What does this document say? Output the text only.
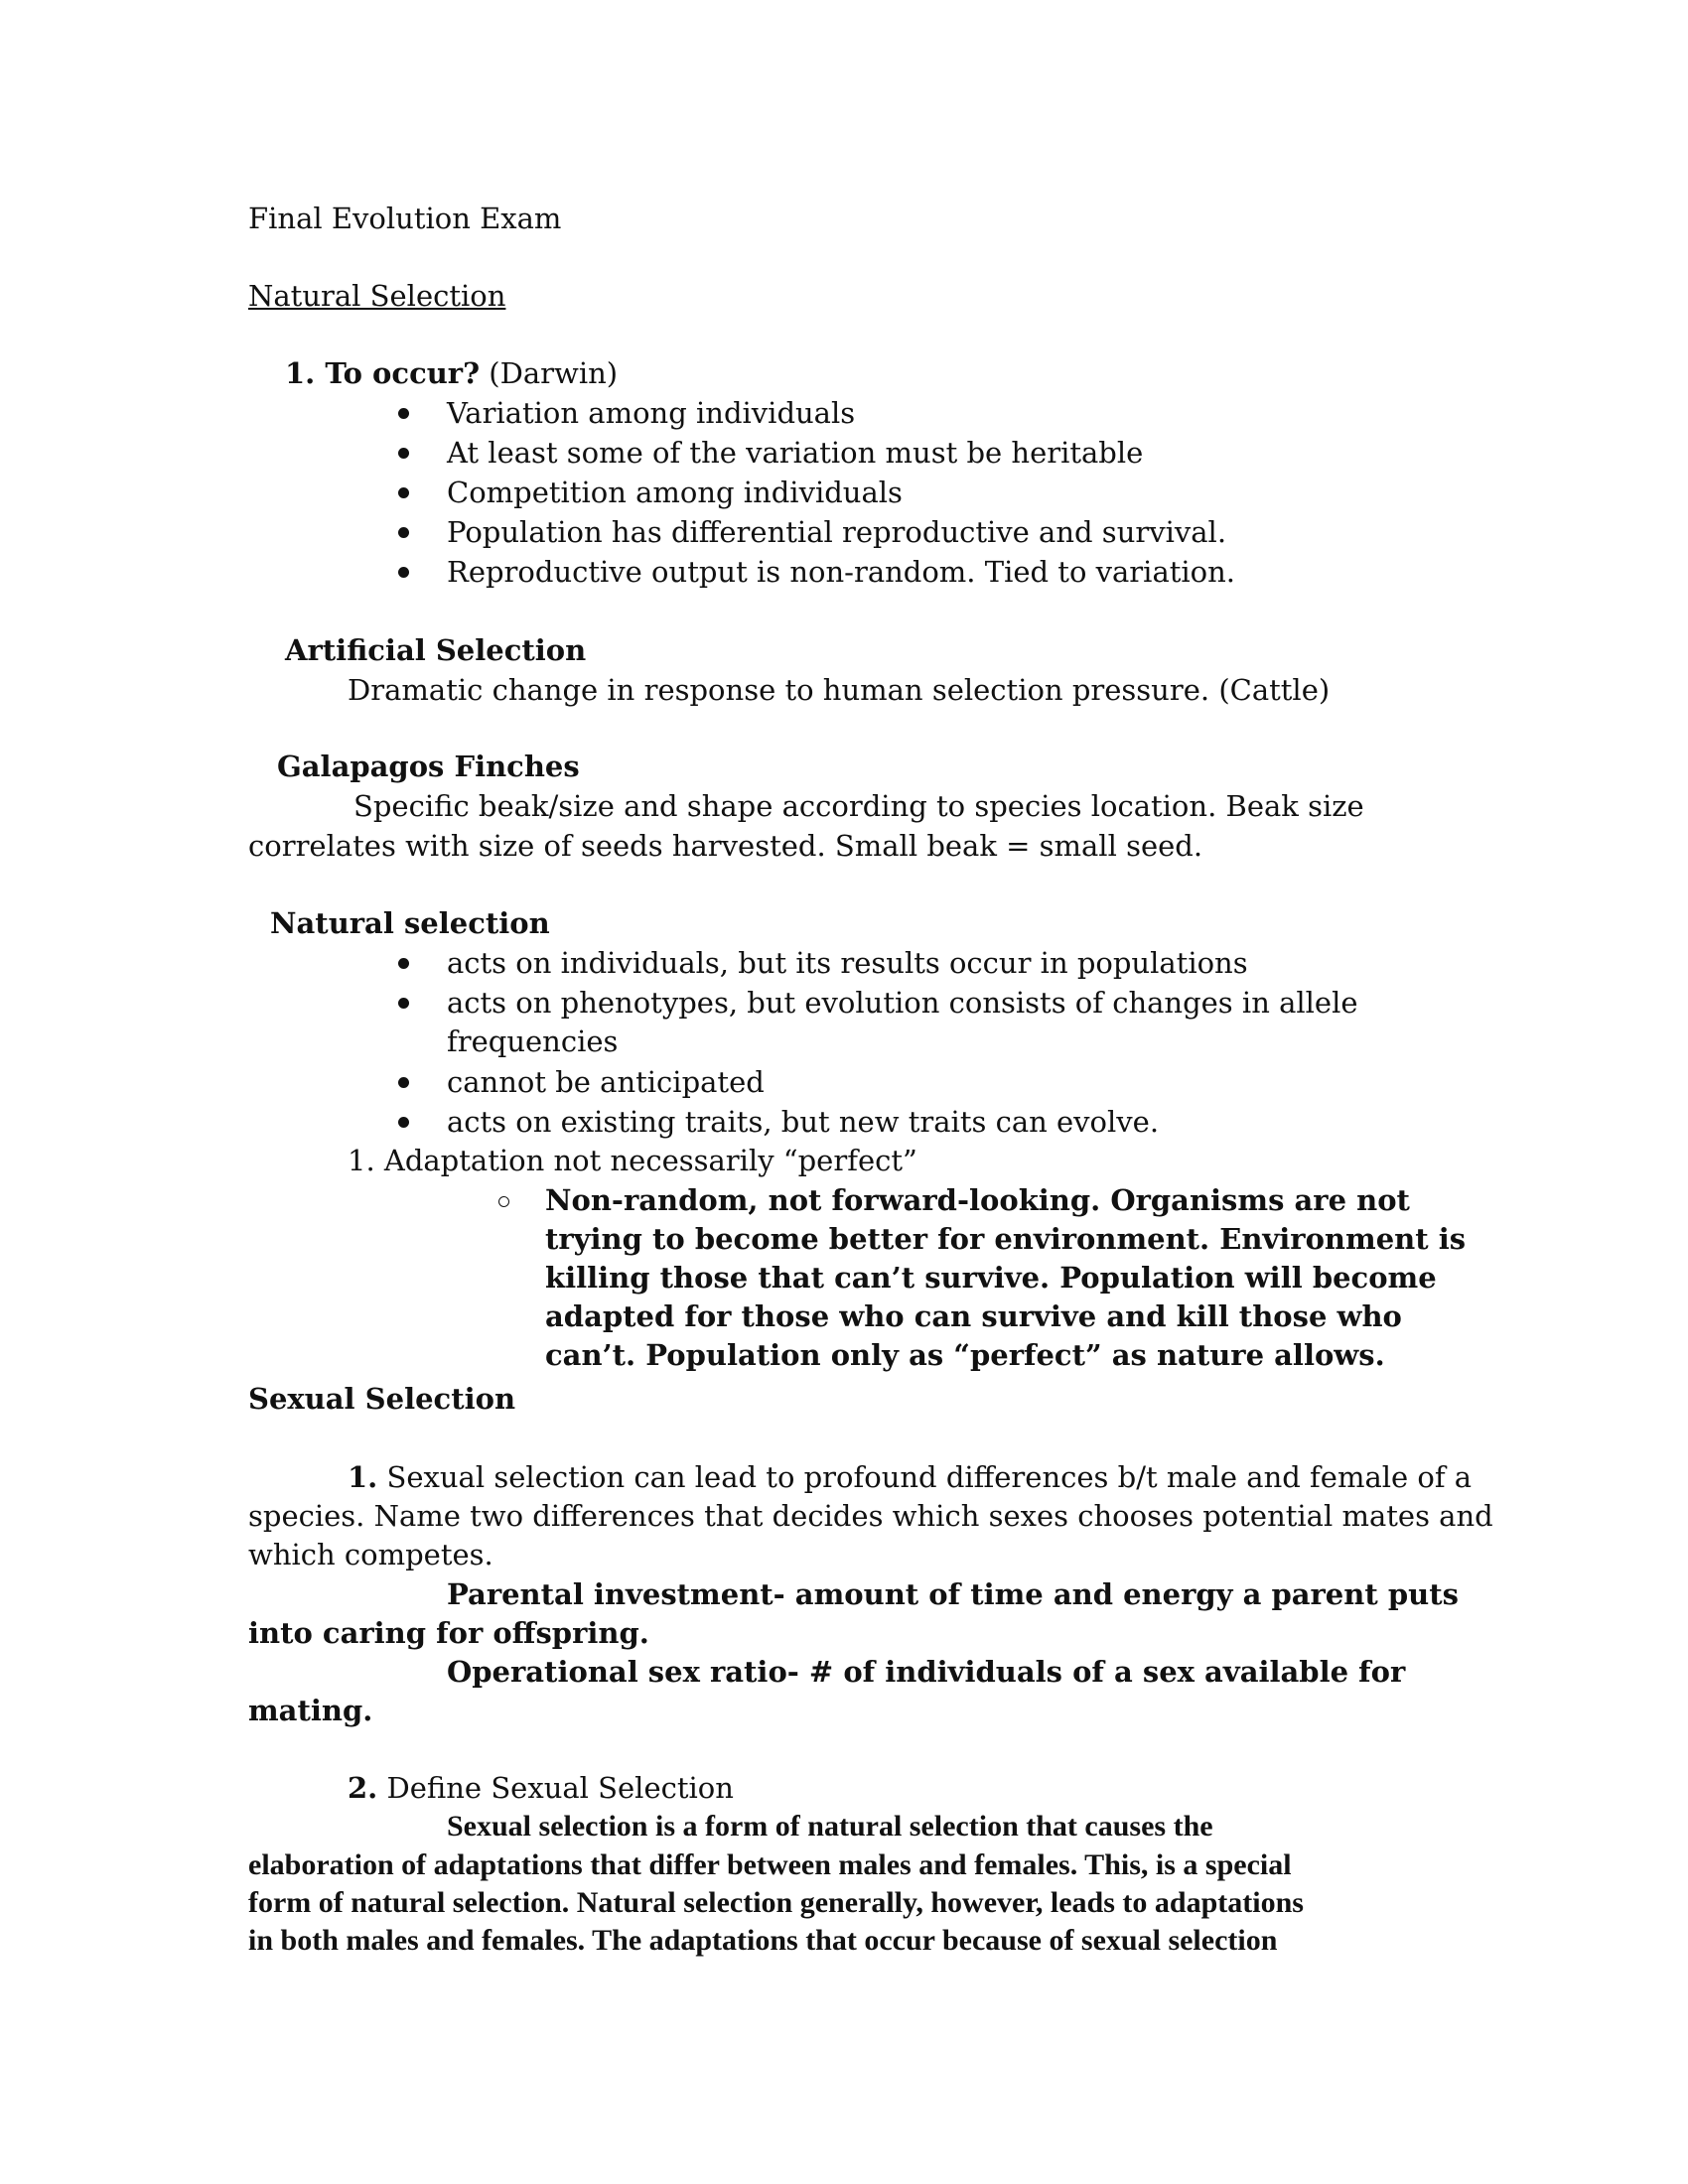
Final Evolution Exam
Natural Selection
1. To occur? (Darwin)
Variation among individuals
At least some of the variation must be heritable
Competition among individuals
Population has differential reproductive and survival.
Reproductive output is non-random. Tied to variation.
Artificial Selection
Dramatic change in response to human selection pressure. (Cattle)
Galapagos Finches
Specific beak/size and shape according to species location. Beak size
correlates with size of seeds harvested. Small beak = small seed.
Natural selection
acts on individuals, but its results occur in populations
acts on phenotypes, but evolution consists of changes in allele
frequencies
cannot be anticipated
acts on existing traits, but new traits can evolve.
1. Adaptation not necessarily “perfect”
Non-random, not forward-looking. Organisms are not
trying to become better for environment. Environment is
killing those that can’t survive. Population will become
adapted for those who can survive and kill those who
can’t. Population only as “perfect” as nature allows.
Sexual Selection
1. Sexual selection can lead to profound differences b/t male and female of a
species. Name two differences that decides which sexes chooses potential mates and
which competes.
Parental investment- amount of time and energy a parent puts
into caring for offspring.
Operational sex ratio- # of individuals of a sex available for
mating.
2. Define Sexual Selection
Sexual selection is a form of natural selection that causes the
elaboration of adaptations that differ between males and females. This, is a special
form of natural selection. Natural selection generally, however, leads to adaptations
in both males and females. The adaptations that occur because of sexual selection
